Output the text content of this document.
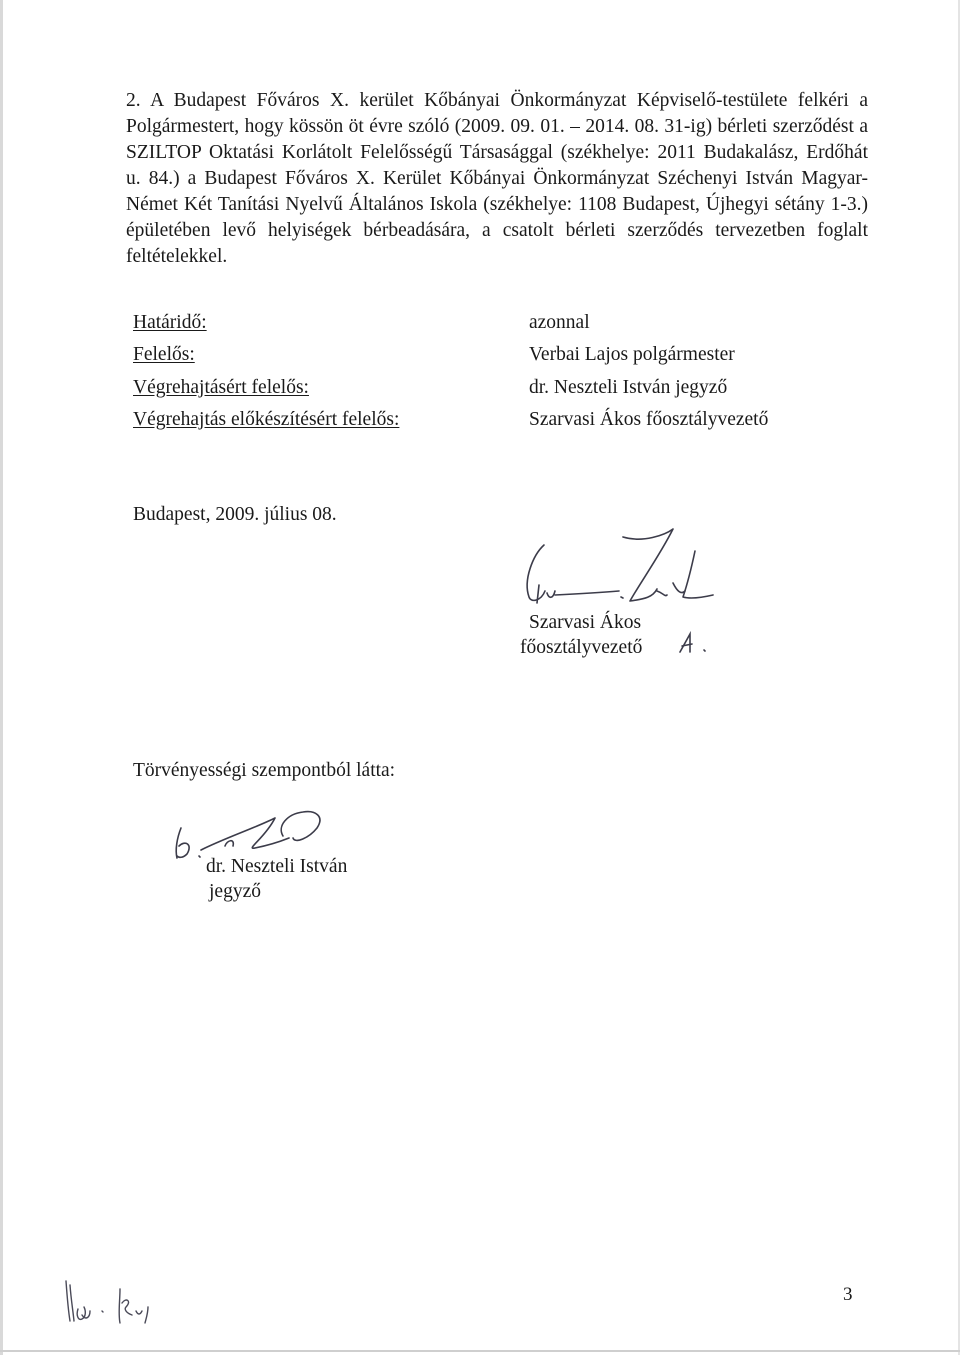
2. A Budapest Főváros X. kerület Kőbányai Önkormányzat Képviselő-testülete felkéri a
Polgármestert, hogy kössön öt évre szóló (2009. 09. 01. – 2014. 08. 31-ig) bérleti szerződést a
SZILTOP Oktatási Korlátolt Felelősségű Társasággal (székhelye: 2011 Budakalász, Erdőhát
u. 84.) a Budapest Főváros X. Kerület Kőbányai Önkormányzat Széchenyi István Magyar-
Német Két Tanítási Nyelvű Általános Iskola (székhelye: 1108 Budapest, Újhegyi sétány 1-3.)
épületében levő helyiségek bérbeadására, a csatolt bérleti szerződés tervezetben foglalt
feltételekkel.

Határidő:	azonnal
Felelős:	Verbai Lajos polgármester
Végrehajtásért felelős:	dr. Neszteli István jegyző
Végrehajtás előkészítésért felelős:	Szarvasi Ákos főosztályvezető
Budapest, 2009. július 08.
Szarvasi Ákos
főosztályvezető
Törvényességi szempontból látta:
dr. Neszteli István
jegyző
3
